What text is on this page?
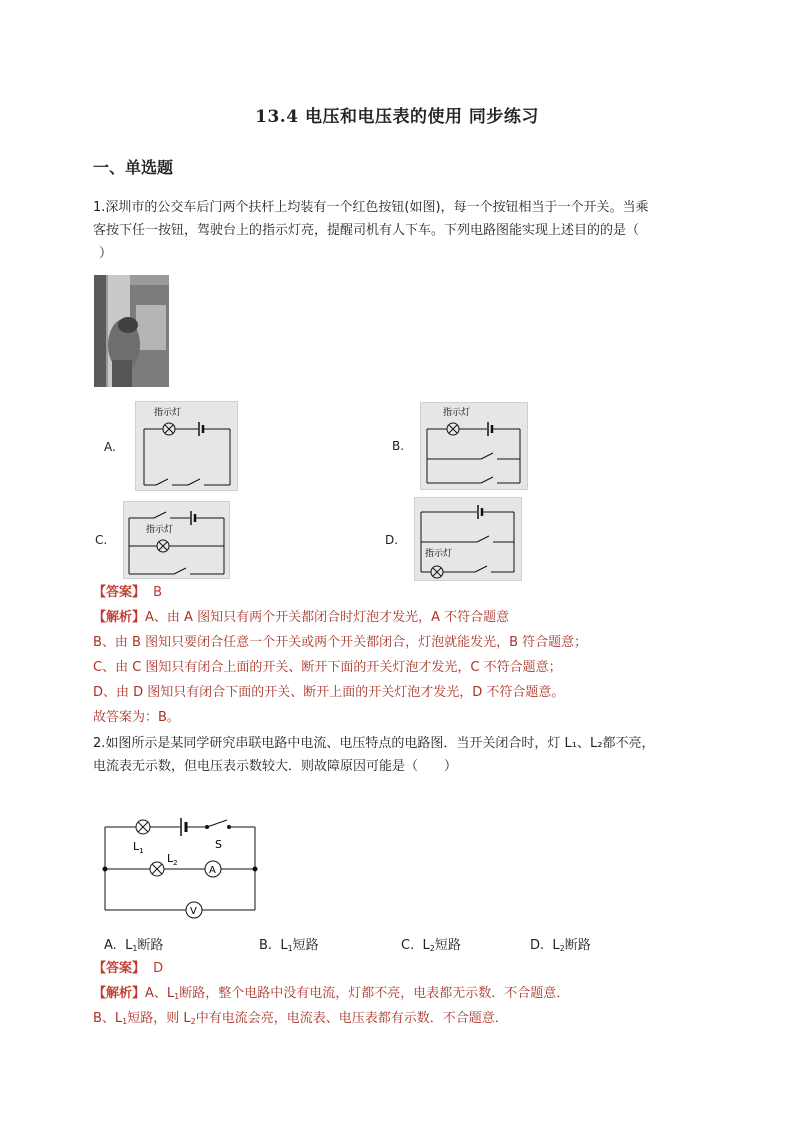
13.4 电压和电压表的使用 同步练习
一、单选题
1.深圳市的公交车后门两个扶杆上均装有一个红色按钮(如图)，每一个按钮相当于一个开关。当乘
客按下任一按钮，驾驶台上的指示灯亮，提醒司机有人下车。下列电路图能实现上述目的的是（
）
A.
指示灯
B.
指示灯
C.
指示灯
D.
指示灯
【答案】 B
【解析】A、由 A 图知只有两个开关都闭合时灯泡才发光，A 不符合题意
B、由 B 图知只要闭合任意一个开关或两个开关都闭合，灯泡就能发光，B 符合题意；
C、由 C 图知只有闭合上面的开关、断开下面的开关灯泡才发光，C 不符合题意；
D、由 D 图知只有闭合下面的开关、断开上面的开关灯泡才发光，D 不符合题意。
故答案为：B。
2.如图所示是某同学研究串联电路中电流、电压特点的电路图．当开关闭合时，灯 L₁、L₂都不亮，
电流表无示数，但电压表示数较大．则故障原因可能是（　　）
$L_1$	S
$L_2$
A
V
A. $L_1$断路	B. $L_1$短路	C. $L_2$短路	D. $L_2$断路
【答案】 D
【解析】A、$L_1$断路，整个电路中没有电流，灯都不亮，电表都无示数．不合题意．
B、$L_1$短路，则 $L_2$中有电流会亮，电流表、电压表都有示数．不合题意．
